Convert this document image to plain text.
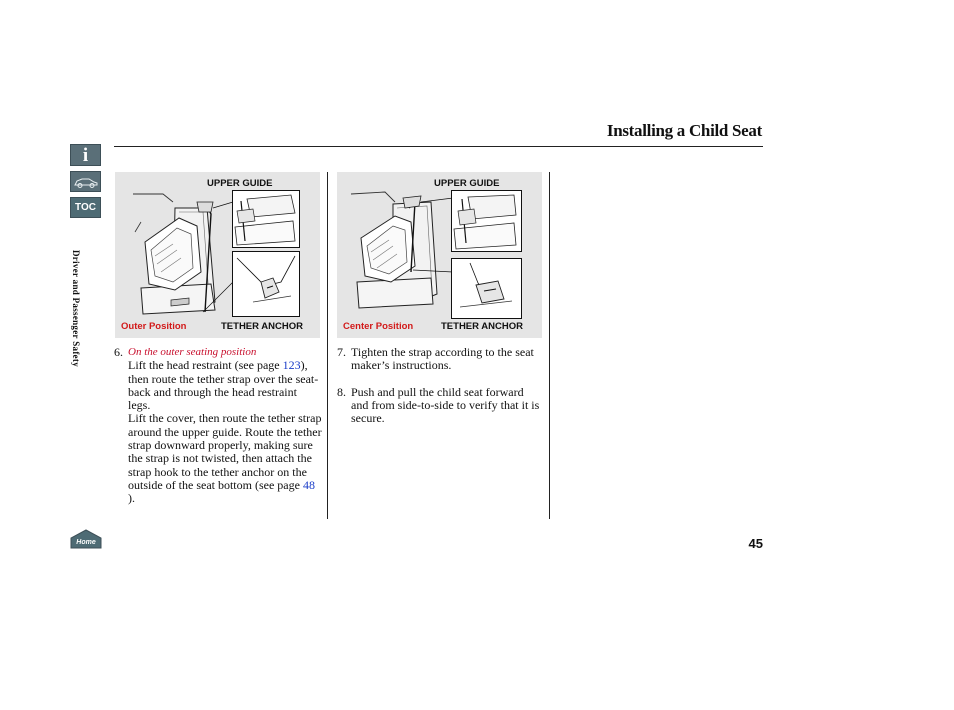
Installing a Child Seat
i
TOC
Driver and Passenger Safety
UPPER GUIDE
Outer Position	TETHER ANCHOR
UPPER GUIDE
Center Position	TETHER ANCHOR
6. On the outer seating position
Lift the head restraint (see page 123), then route the tether strap over the seat-back and through the head restraint legs.
Lift the cover, then route the tether strap around the upper guide. Route the tether strap downward properly, making sure the strap is not twisted, then attach the strap hook to the tether anchor on the outside of the seat bottom (see page 48 ).
7. Tighten the strap according to the seat maker’s instructions.
8. Push and pull the child seat forward and from side-to-side to verify that it is secure.
Home	45
